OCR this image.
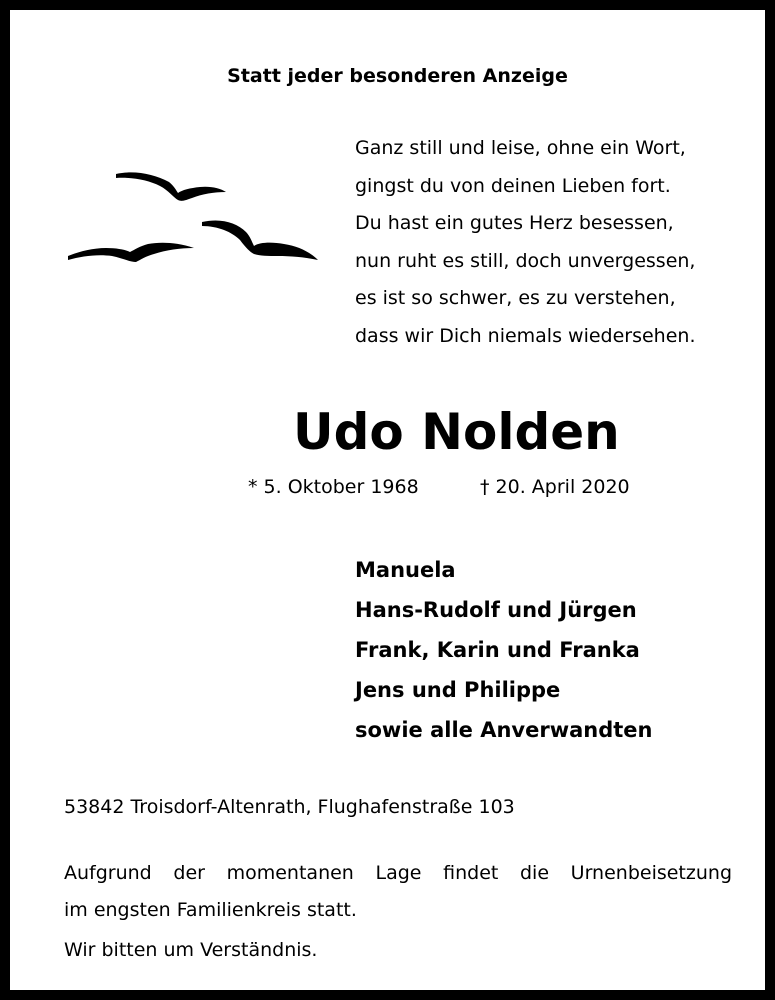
Statt jeder besonderen Anzeige
Ganz still und leise, ohne ein Wort,
gingst du von deinen Lieben fort.
Du hast ein gutes Herz besessen,
nun ruht es still, doch unvergessen,
es ist so schwer, es zu verstehen,
dass wir Dich niemals wiedersehen.
Udo Nolden
* 5. Oktober 1968	† 20. April 2020
Manuela
Hans-Rudolf und Jürgen
Frank, Karin und Franka
Jens und Philippe
sowie alle Anverwandten
53842 Troisdorf-Altenrath, Flughafenstraße 103
Aufgrund der momentanen Lage findet die Urnenbeisetzung
im engsten Familienkreis statt.
Wir bitten um Verständnis.
